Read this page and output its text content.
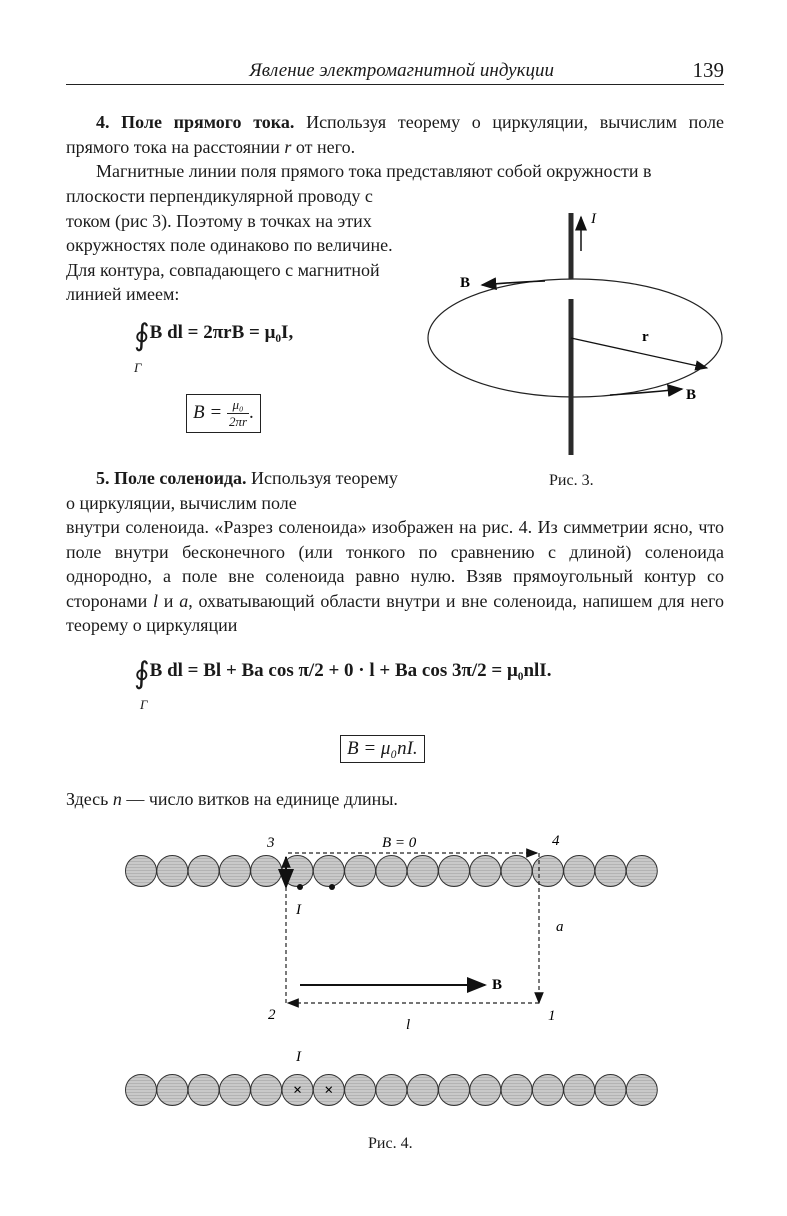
Явление электромагнитной индукции	139

4. Поле прямого тока. Используя теорему о циркуляции, вычислим поле прямого тока на расстоянии r от него.

Магнитные линии поля прямого тока представляют собой окружности в

плоскости перпендикулярной проводу с током (рис 3). Поэтому в точках на этих окружностях поле одинаково по величине. Для контура, совпадающего с магнитной линией имеем:

∮B dl = 2πrB = μ₀I,
Γ
$B = \frac{\text{μ₀}}{2\pi r}$ .
I
B
r
B
Рис. 3.

5. Поле соленоида. Используя теорему о циркуляции, вычислим поле

внутри соленоида. «Разрез соленоида» изображен на рис. 4. Из симметрии ясно, что поле внутри бесконечного (или тонкого по сравнению с длиной) соленоида однородно, а поле вне соленоида равно нулю. Взяв прямоугольный контур со сторонами l и a, охватывающий области внутри и вне соленоида, напишем для него теорему о циркуляции

∮B dl = Bl + Ba cos π/2 + 0 · l + Ba cos 3π/2 = μ₀nlI.
Γ
B = μ₀nI.

Здесь n — число витков на единице длины.

× ×
B
3	4
2	1
B = 0
a
l
I
I
Рис. 4.
